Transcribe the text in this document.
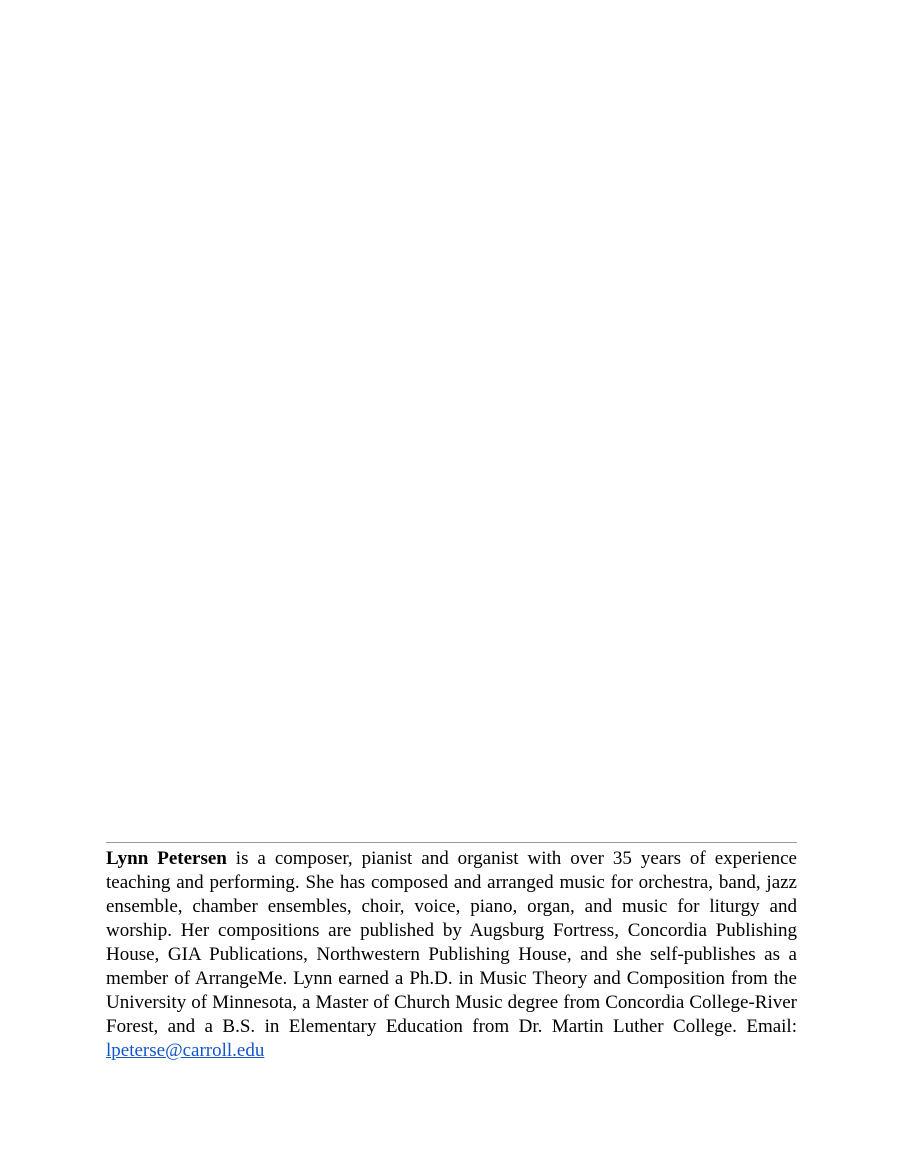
Lynn Petersen is a composer, pianist and organist with over 35 years of experience teaching and performing. She has composed and arranged music for orchestra, band, jazz ensemble, chamber ensembles, choir, voice, piano, organ, and music for liturgy and worship. Her compositions are published by Augsburg Fortress, Concordia Publishing House, GIA Publications, Northwestern Publishing House, and she self-publishes as a member of ArrangeMe. Lynn earned a Ph.D. in Music Theory and Composition from the University of Minnesota, a Master of Church Music degree from Concordia College-River Forest, and a B.S. in Elementary Education from Dr. Martin Luther College. Email: lpeterse@carroll.edu
